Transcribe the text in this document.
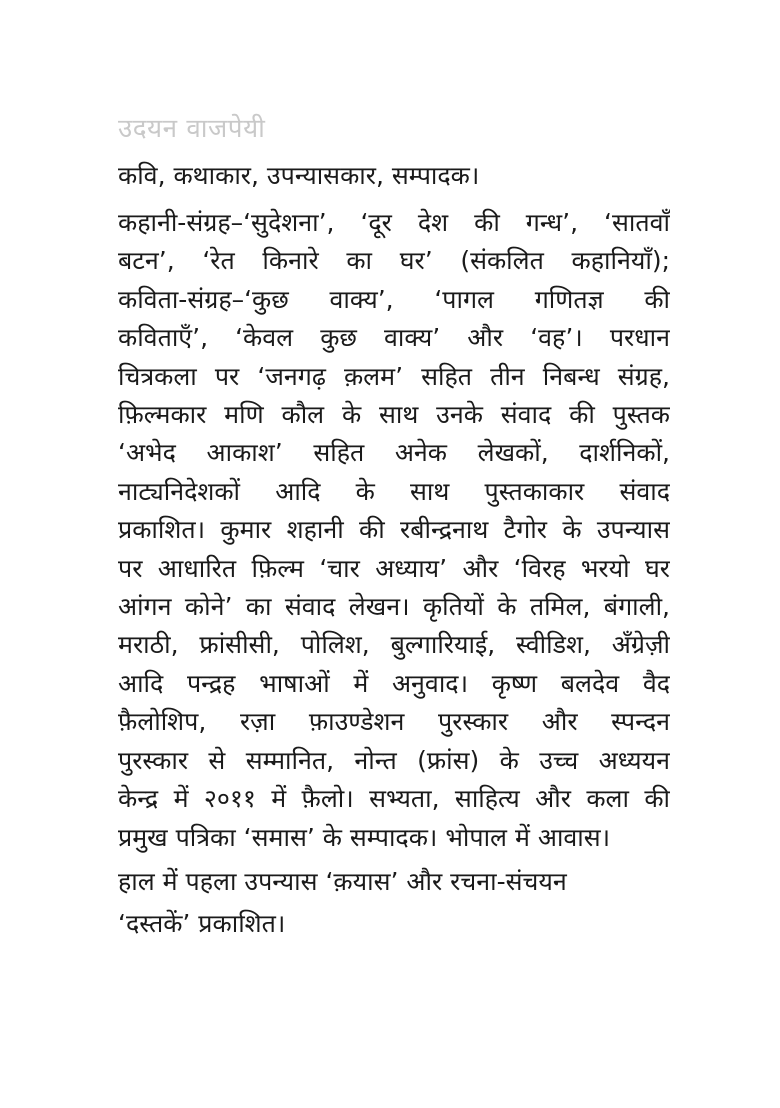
उदयन वाजपेयी
कवि, कथाकार, उपन्यासकार, सम्पादक।
कहानी-संग्रह–‘सुदेशना’, ‘दूर देश की गन्ध’, ‘सातवाँ
बटन’, ‘रेत किनारे का घर’ (संकलित कहानियाँ);
कविता-संग्रह–‘कुछ वाक्य’, ‘पागल गणितज्ञ की
कविताएँ’, ‘केवल कुछ वाक्य’ और ‘वह’। परधान
चित्रकला पर ‘जनगढ़ क़लम’ सहित तीन निबन्ध संग्रह,
फ़िल्मकार मणि कौल के साथ उनके संवाद की पुस्तक
‘अभेद आकाश’ सहित अनेक लेखकों, दार्शनिकों,
नाट्यनिदेशकों आदि के साथ पुस्तकाकार संवाद
प्रकाशित। कुमार शहानी की रबीन्द्रनाथ टैगोर के उपन्यास
पर आधारित फ़िल्म ‘चार अध्याय’ और ‘विरह भरयो घर
आंगन कोने’ का संवाद लेखन। कृतियों के तमिल, बंगाली,
मराठी, फ्रांसीसी, पोलिश, बुल्गारियाई, स्वीडिश, अँग्रेज़ी
आदि पन्द्रह भाषाओं में अनुवाद। कृष्ण बलदेव वैद
फ़ैलोशिप, रज़ा फ़ाउण्डेशन पुरस्कार और स्पन्दन
पुरस्कार से सम्मानित, नोन्त (फ्रांस) के उच्च अध्ययन
केन्द्र में २०११ में फ़ैलो। सभ्यता, साहित्य और कला की
प्रमुख पत्रिका ‘समास’ के सम्पादक। भोपाल में आवास।
हाल में पहला उपन्यास ‘क़यास’ और रचना-संचयन
‘दस्तकें’ प्रकाशित।
